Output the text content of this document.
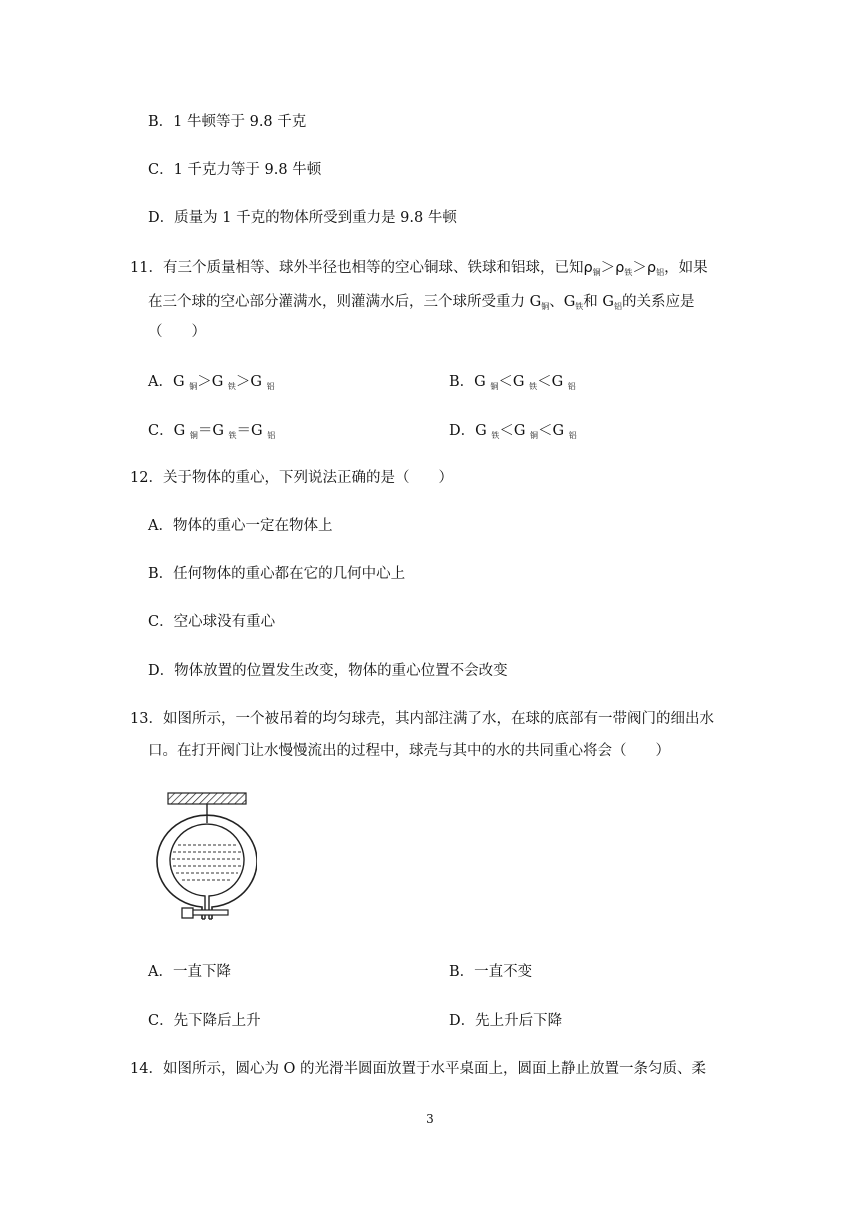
B．1 牛顿等于 9.8 千克
C．1 千克力等于 9.8 牛顿
D．质量为 1 千克的物体所受到重力是 9.8 牛顿
11．有三个质量相等、球外半径也相等的空心铜球、铁球和铝球，已知$\rho_铜>\rho_铁>\rho_铝$，如果
在三个球的空心部分灌满水，则灌满水后，三个球所受重力 $G_铜$、$G_铁$和 $G_铝$的关系应是
（　　）
A．G $_铜$＞G $_铁$＞G $_铝$	B．G $_铜$＜G $_铁$＜G $_铝$
C．G $_铜$＝G $_铁$＝G $_铝$	D．G $_铁$＜G $_铜$＜G $_铝$
12．关于物体的重心，下列说法正确的是（　　）
A．物体的重心一定在物体上
B．任何物体的重心都在它的几何中心上
C．空心球没有重心
D．物体放置的位置发生改变，物体的重心位置不会改变
13．如图所示，一个被吊着的均匀球壳，其内部注满了水，在球的底部有一带阀门的细出水
口。在打开阀门让水慢慢流出的过程中，球壳与其中的水的共同重心将会（　　）
A．一直下降	B．一直不变
C．先下降后上升	D．先上升后下降
14．如图所示，圆心为 O 的光滑半圆面放置于水平桌面上，圆面上静止放置一条匀质、柔
3
